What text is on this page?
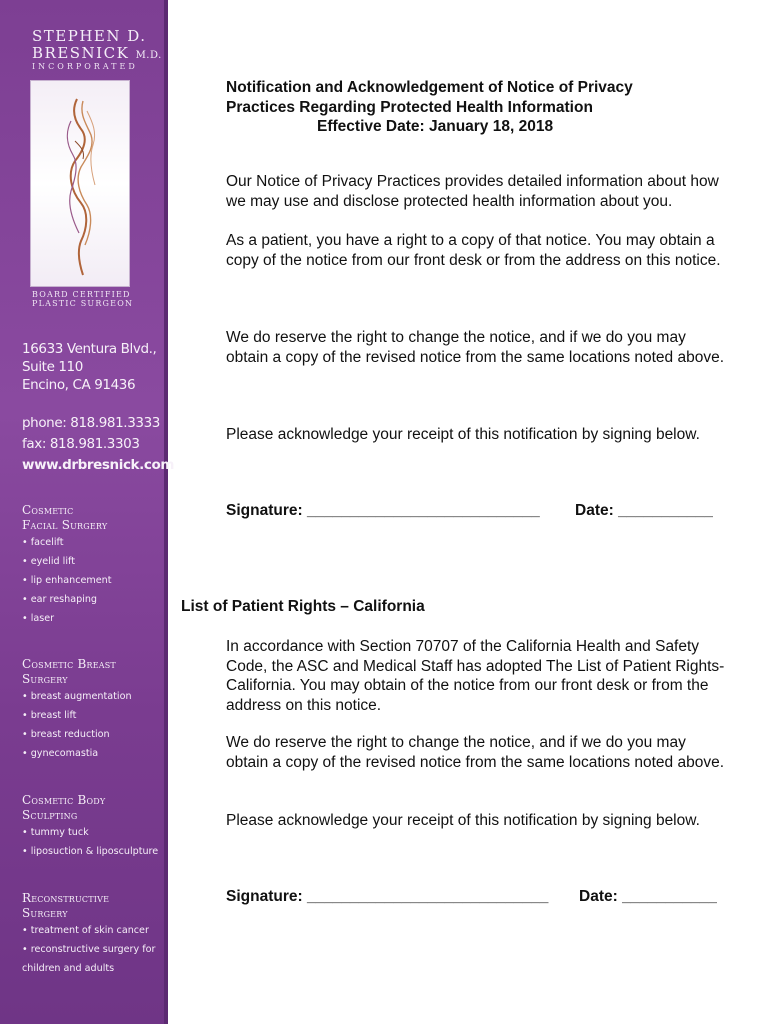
STEPHEN D.
BRESNICK M.D.
INCORPORATED
BOARD CERTIFIED
PLASTIC SURGEON
16633 Ventura Blvd.,
Suite 110
Encino, CA 91436
phone: 818.981.3333
fax: 818.981.3303
www.drbresnick.com
Cosmetic
Facial Surgery
• facelift
• eyelid lift
• lip enhancement
• ear reshaping
• laser
Cosmetic Breast
Surgery
• breast augmentation
• breast lift
• breast reduction
• gynecomastia
Cosmetic Body
Sculpting
• tummy tuck
• liposuction & liposculpture
Reconstructive
Surgery
• treatment of skin cancer
• reconstructive surgery for
children and adults
Notification and Acknowledgement of Notice of Privacy
Practices Regarding Protected Health Information
Effective Date: January 18, 2018
Our Notice of Privacy Practices provides detailed information about how we may use and disclose protected health information about you.
As a patient, you have a right to a copy of that notice. You may obtain a copy of the notice from our front desk or from the address on this notice.
We do reserve the right to change the notice, and if we do you may obtain a copy of the revised notice from the same locations noted above.
Please acknowledge your receipt of this notification by signing below.
Signature: ___________________________ Date: ___________
List of Patient Rights – California
In accordance with Section 70707 of the California Health and Safety Code, the ASC and Medical Staff has adopted The List of Patient Rights-California. You may obtain of the notice from our front desk or from the address on this notice.
We do reserve the right to change the notice, and if we do you may obtain a copy of the revised notice from the same locations noted above.
Please acknowledge your receipt of this notification by signing below.
Signature: ____________________________ Date: ___________
